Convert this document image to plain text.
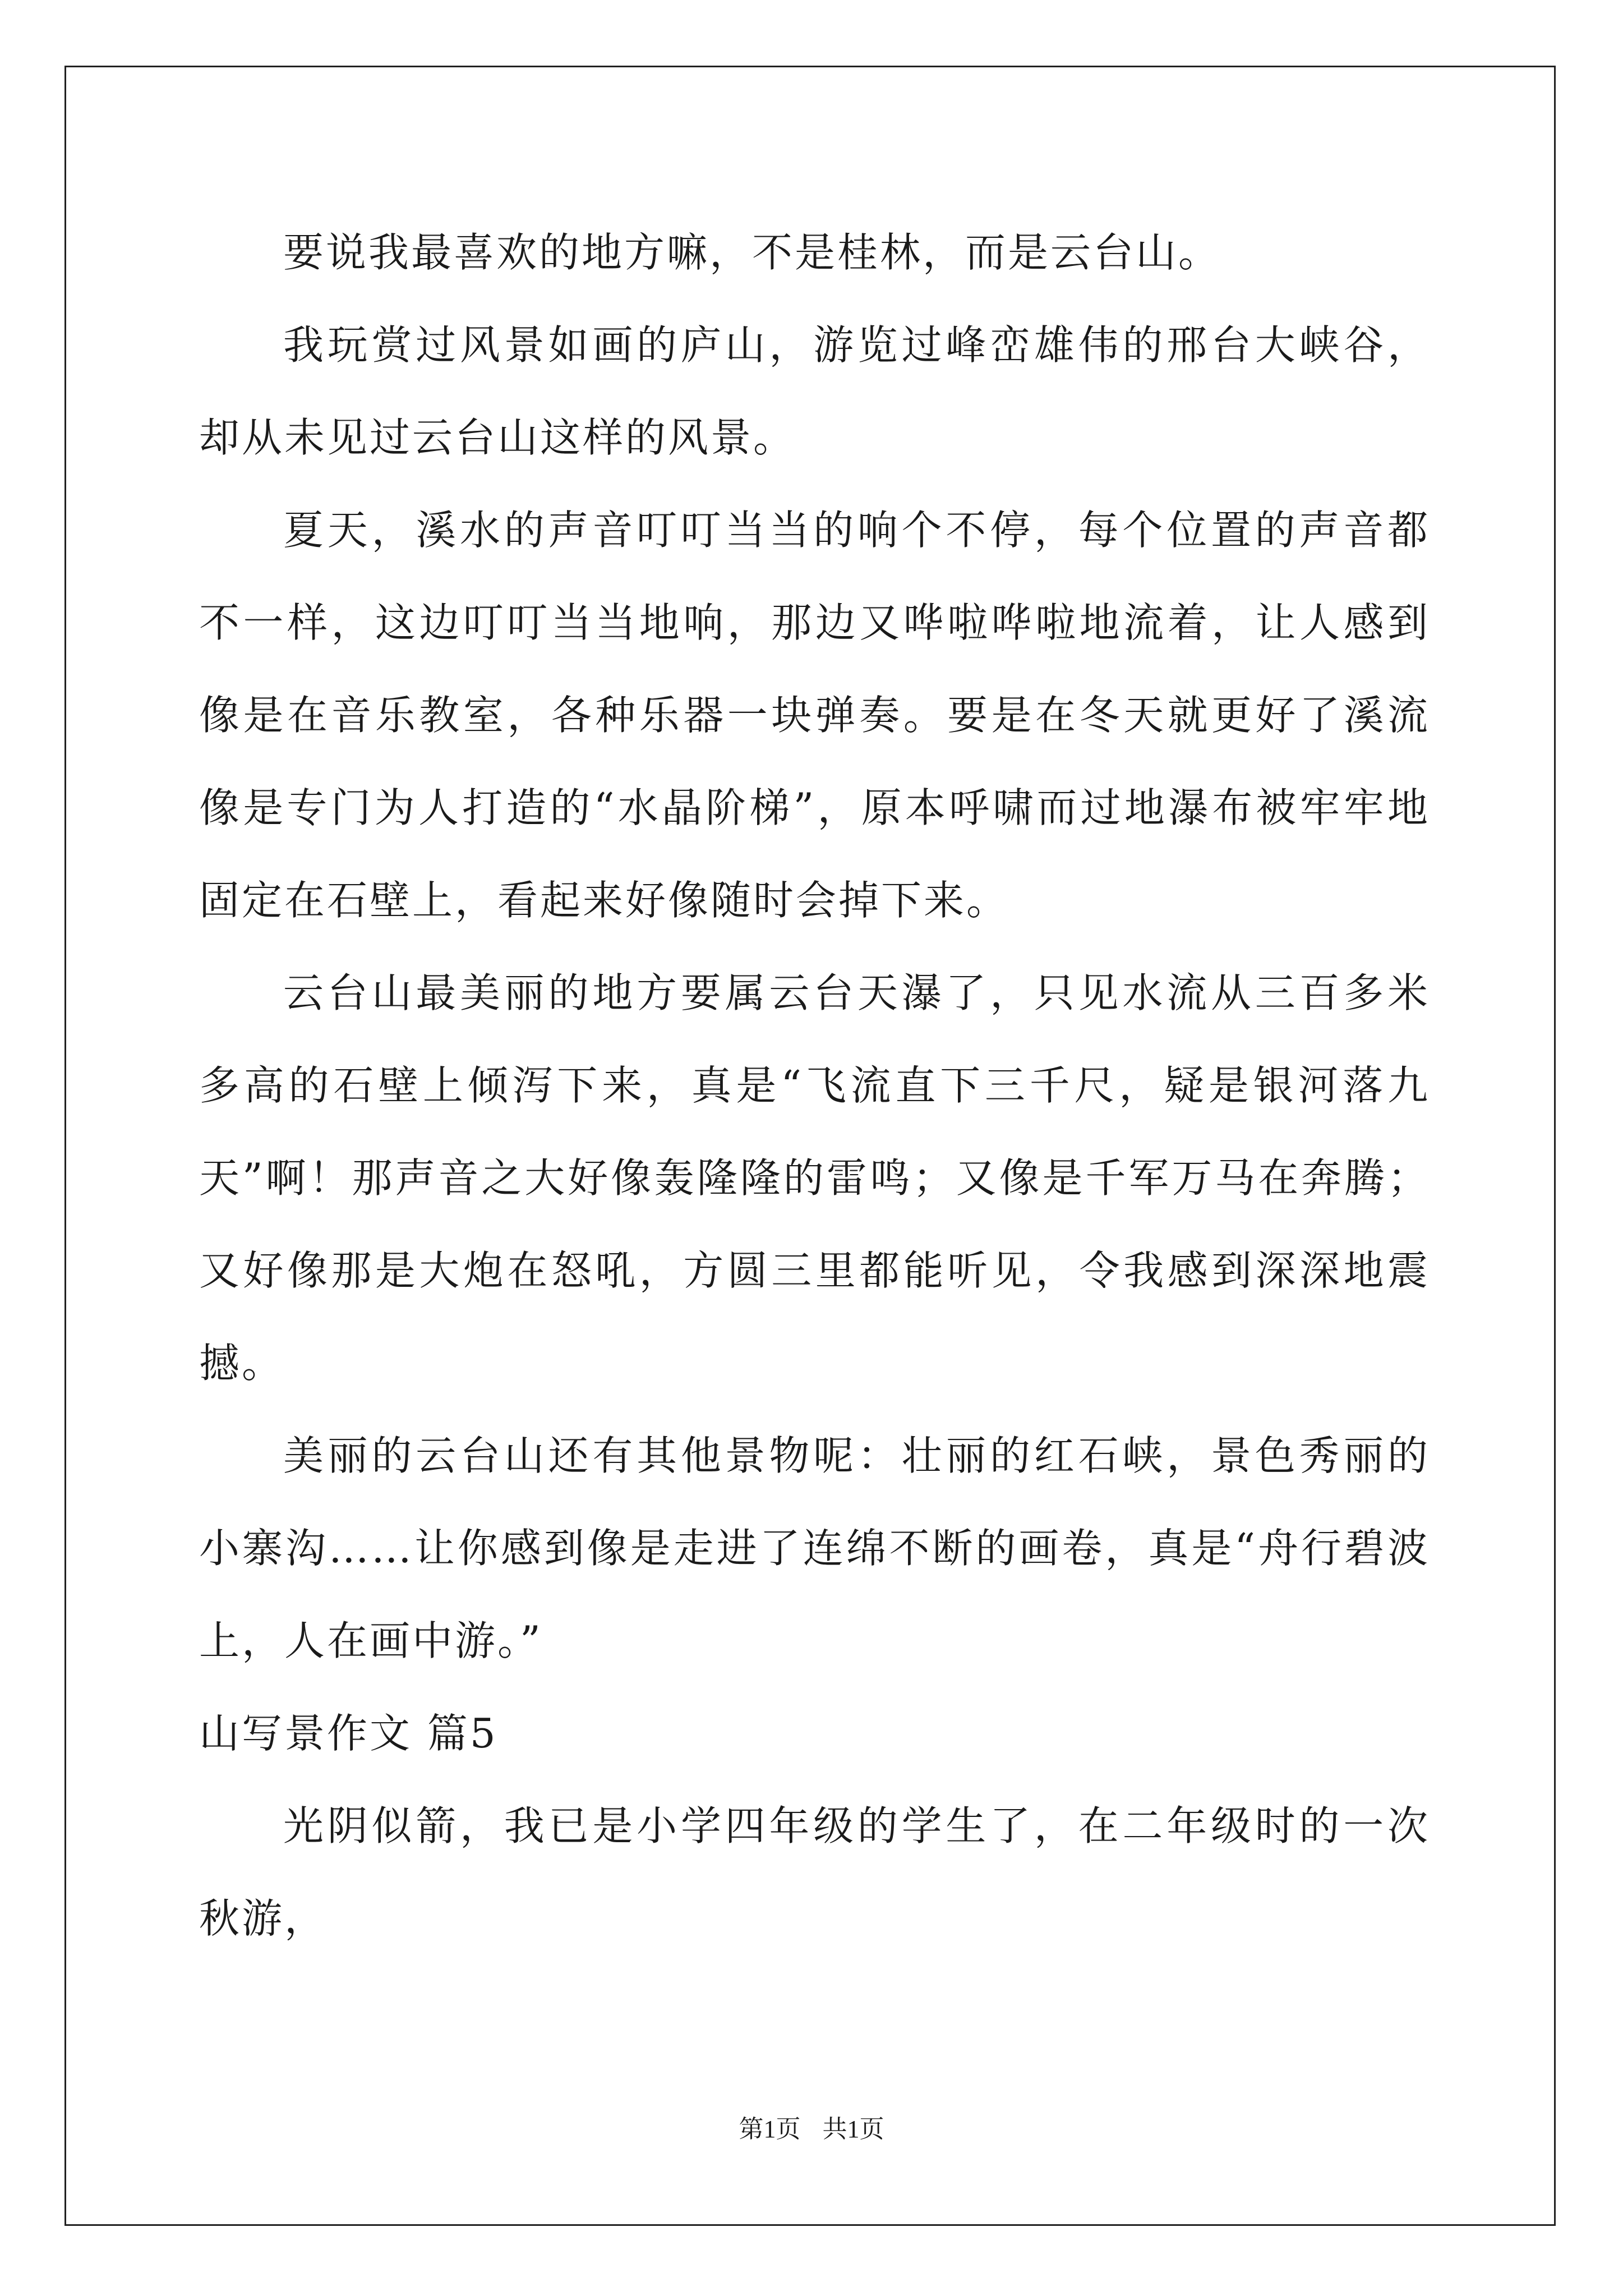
要说我最喜欢的地方嘛，不是桂林，而是云台山。

我玩赏过风景如画的庐山，游览过峰峦雄伟的邢台大峡谷，却从未见过云台山这样的风景。

夏天，溪水的声音叮叮当当的响个不停，每个位置的声音都不一样，这边叮叮当当地响，那边又哗啦哗啦地流着，让人感到像是在音乐教室，各种乐器一块弹奏。要是在冬天就更好了溪流像是专门为人打造的“水晶阶梯”，原本呼啸而过地瀑布被牢牢地固定在石壁上，看起来好像随时会掉下来。

云台山最美丽的地方要属云台天瀑了，只见水流从三百多米多高的石壁上倾泻下来，真是“飞流直下三千尺，疑是银河落九天”啊！那声音之大好像轰隆隆的雷鸣；又像是千军万马在奔腾；又好像那是大炮在怒吼，方圆三里都能听见，令我感到深深地震撼。

美丽的云台山还有其他景物呢：壮丽的红石峡，景色秀丽的小寨沟……让你感到像是走进了连绵不断的画卷，真是“舟行碧波上，人在画中游。”

山写景作文 篇5

光阴似箭，我已是小学四年级的学生了，在二年级时的一次秋游，

第1页 共1页
